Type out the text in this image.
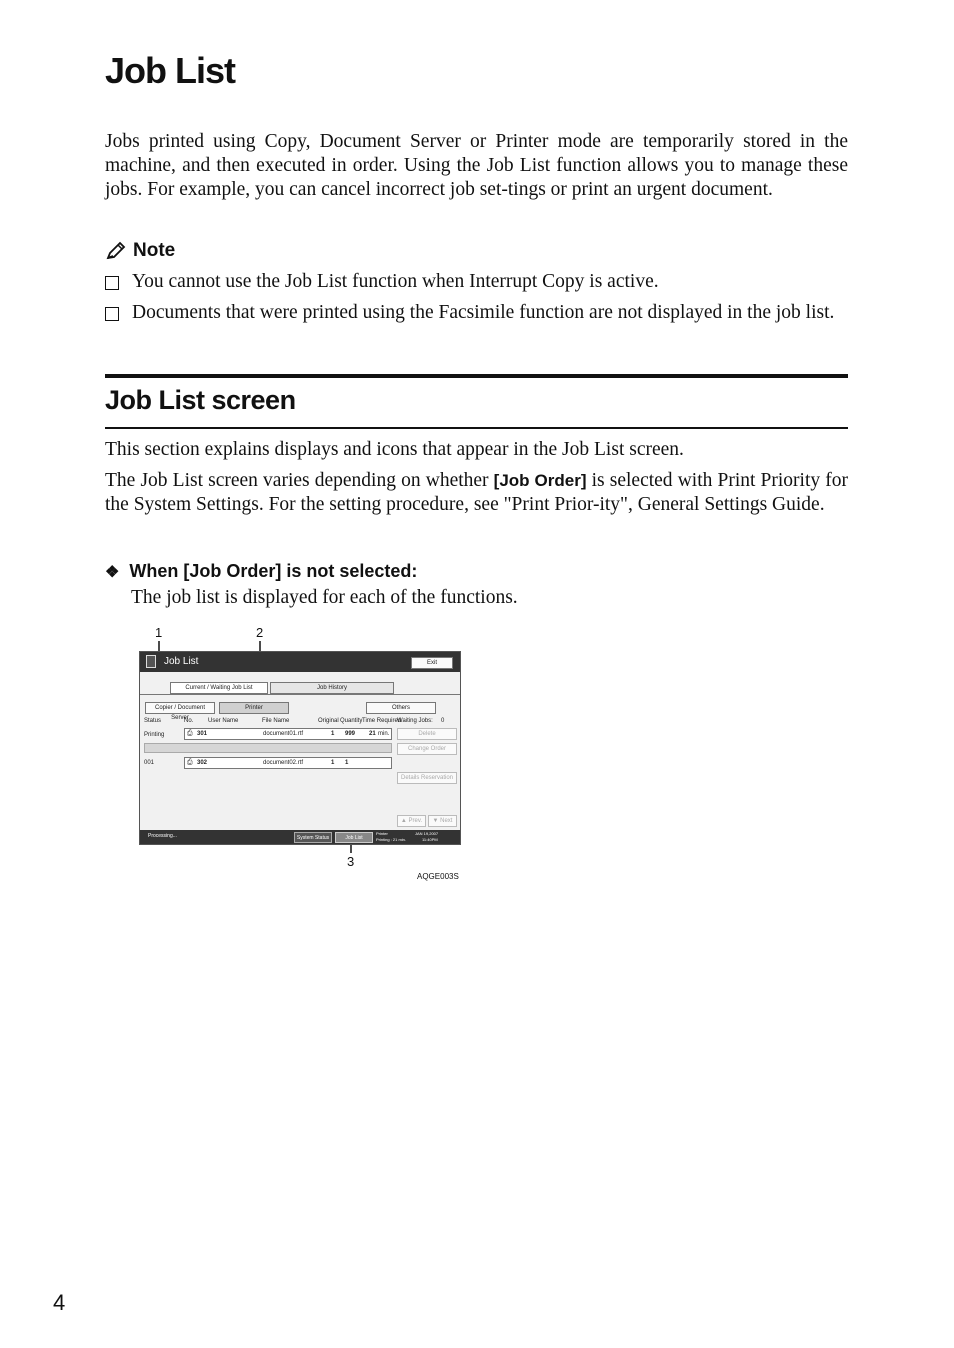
Job List
Jobs printed using Copy, Document Server or Printer mode are temporarily stored in the machine, and then executed in order. Using the Job List function allows you to manage these jobs. For example, you can cancel incorrect job set-tings or print an urgent document.
Note
You cannot use the Job List function when Interrupt Copy is active.
Documents that were printed using the Facsimile function are not displayed in the job list.
Job List screen
This section explains displays and icons that appear in the Job List screen.
The Job List screen varies depending on whether [Job Order] is selected with Print Priority for the System Settings. For the setting procedure, see "Print Prior-ity", General Settings Guide.
❖ When [Job Order] is not selected:
The job list is displayed for each of the functions.
1	2
3
Job List	Exit
Current / Waiting Job List	Job History
Copier / Document Server
Printer	Others
Status	No. User Name	File Name	Original Quantity Time Required
Waiting Jobs: 0
Printing	⎙ 301	document01.rtf	1 999 21 min.
001	⎙ 302	document02.rtf	1 1
Delete
Change Order
Details Reservation
▲ Prev.	▼ Next
Processing...	System Status	Job List
Printer
Printing : 21 min.
JAN 19,2007
11:40PM
AQGE003S
4
